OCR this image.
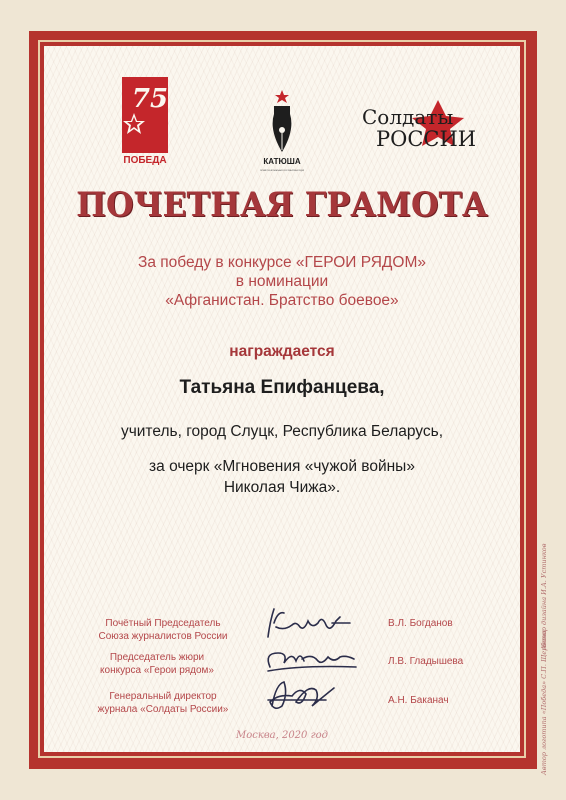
75
ПОБЕДА	КАТЮША
ЛИТЕРАТУРНО-МУЗЫКАЛЬНЫЙ СОЮЗ ТАЛАНТЛИВЫХ ЛЮДЕЙ
Солдаты
журнал достойных
РОССИИ
ПОЧЕТНАЯ ГРАМОТА
За победу в конкурсе «ГЕРОИ РЯДОМ»
в номинации
«Афганистан. Братство боевое»
награждается
Татьяна Епифанцева,
учитель, город Слуцк, Республика Беларусь,
за очерк «Мгновения «чужой войны»
Николая Чижа».
Почётный Председатель
Союза журналистов России
В.Л. Богданов
Председатель жюри
конкурса «Герои рядом»
Л.В. Гладышева
Генеральный директор
журнала «Солдаты России»
А.Н. Баканач
Москва, 2020 год	Автор логотипа «Победа» С.П. Щербина
Автор дизайна И.А. Устинков
